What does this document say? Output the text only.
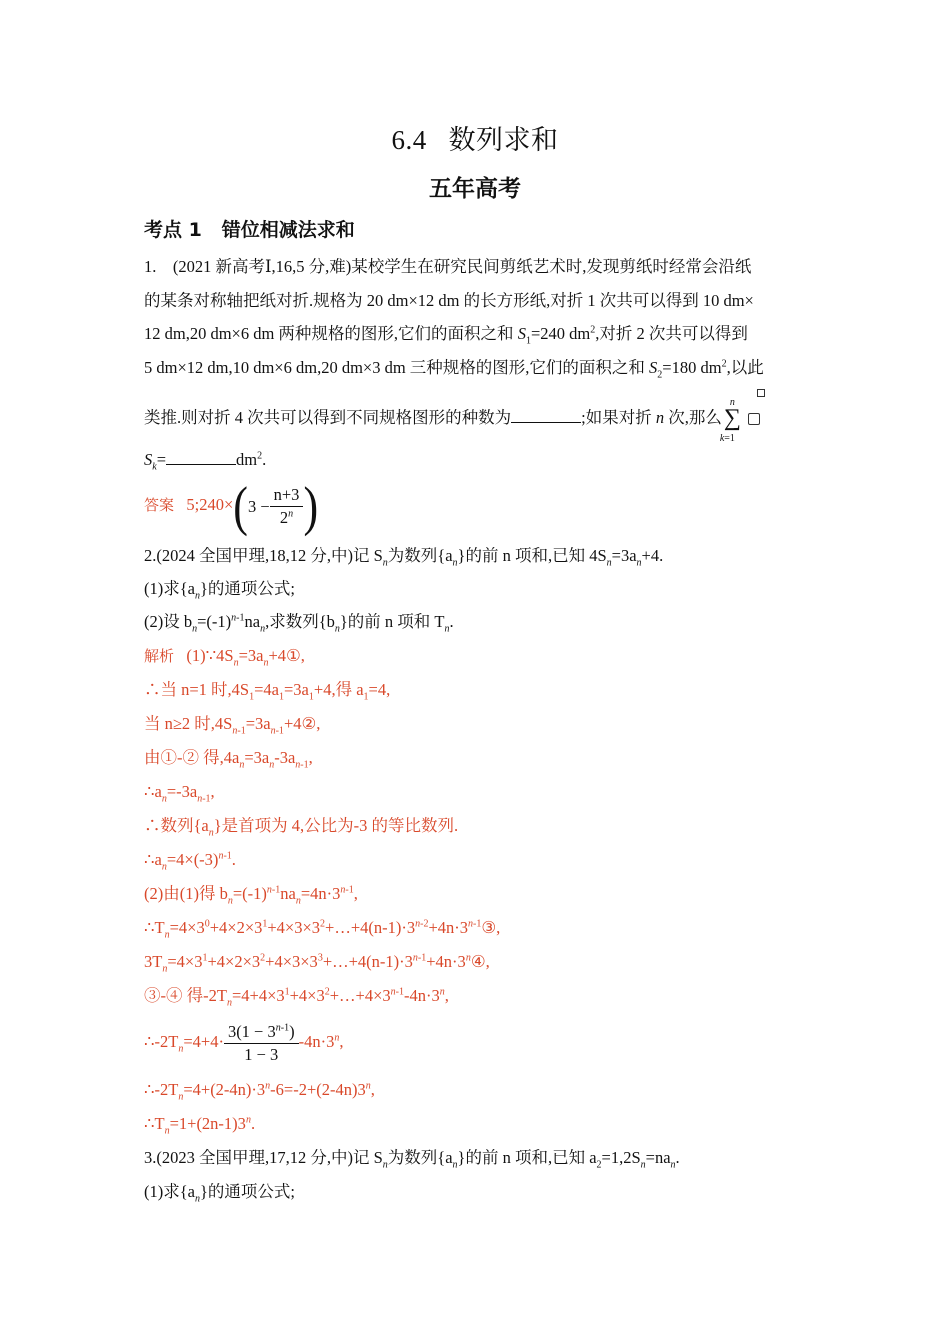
6.4 数列求和
五年高考
考点 1 错位相减法求和
1.　(2021 新高考Ⅰ,16,5 分,难)某校学生在研究民间剪纸艺术时,发现剪纸时经常会沿纸
的某条对称轴把纸对折.规格为 20 dm×12 dm 的长方形纸,对折 1 次共可以得到 10 dm×
12 dm,20 dm×6 dm 两种规格的图形,它们的面积之和 $S_1=240$ $dm^2$,对折 2 次共可以得到
5 dm×12 dm,10 dm×6 dm,20 dm×3 dm 三种规格的图形,它们的面积之和 $S_2=180$ $dm^2$,以此
类推.则对折 4 次共可以得到不同规格图形的种数为	;如果对折 n 次,那么 ∑
n
k=1
$S_k=$	$dm^2$.
答案 5;240×(3 − $\frac{n+3}{2^n}$ )
2.(2024 全国甲理,18,12 分,中)记 $S_n$为数列$\{a_n\}$的前 n 项和,已知 $4S_n=3a_n+4$.
(1)求$\{a_n\}$的通项公式;
(2)设 $b_n=(-1)^{n-1}na_n$,求数列$\{b_n\}$的前 n 项和 $T_n$.
解析 $(1)\because 4S_n=3a_n+4①$,
∴当 n=1 时$,4S_1=4a_1=3a_1+4$,得 $a_1=4$,
当 n≥2 时$,4S_{n-1}=3a_{n-1}+4②$,
由①-② 得$,4a_n=3a_n-3a_{n-1}$,
$\therefore a_n=-3a_{n-1}$,
∴数列$\{a_n\}$是首项为 4,公比为-3 的等比数列.
$\therefore a_n=4\times(-3)^{n-1}$.
(2)由(1)得 $b_n=(-1)^{n-1}na_n=4n\cdot 3^{n-1}$,
$\therefore T_n=4\times 3^0+4\times 2\times 3^1+4\times 3\times 3^2+\dots+4(n-1)\cdot 3^{n-2}+4n\cdot 3^{n-1}③$,
$3T_n=4\times 3^1+4\times 2\times 3^2+4\times 3\times 3^3+\dots+4(n-1)\cdot 3^{n-1}+4n\cdot 3^n④$,
③-④ 得$-2T_n=4+4\times 3^1+4\times 3^2+\dots+4\times 3^{n-1}-4n\cdot 3^n$,
$\therefore-2T_n=4+4\cdot \frac{3(1 - 3^{n-1})}{1 - 3} -4n\cdot 3^n$,
$\therefore-2T_n=4+(2-4n)\cdot 3^n-6=-2+(2-4n)3^n$,
$\therefore T_n=1+(2n-1)3^n$.
3.(2023 全国甲理,17,12 分,中)记 $S_n$为数列$\{a_n\}$的前 n 项和,已知 $a_2=1,2S_n=na_n$.
(1)求$\{a_n\}$的通项公式;
